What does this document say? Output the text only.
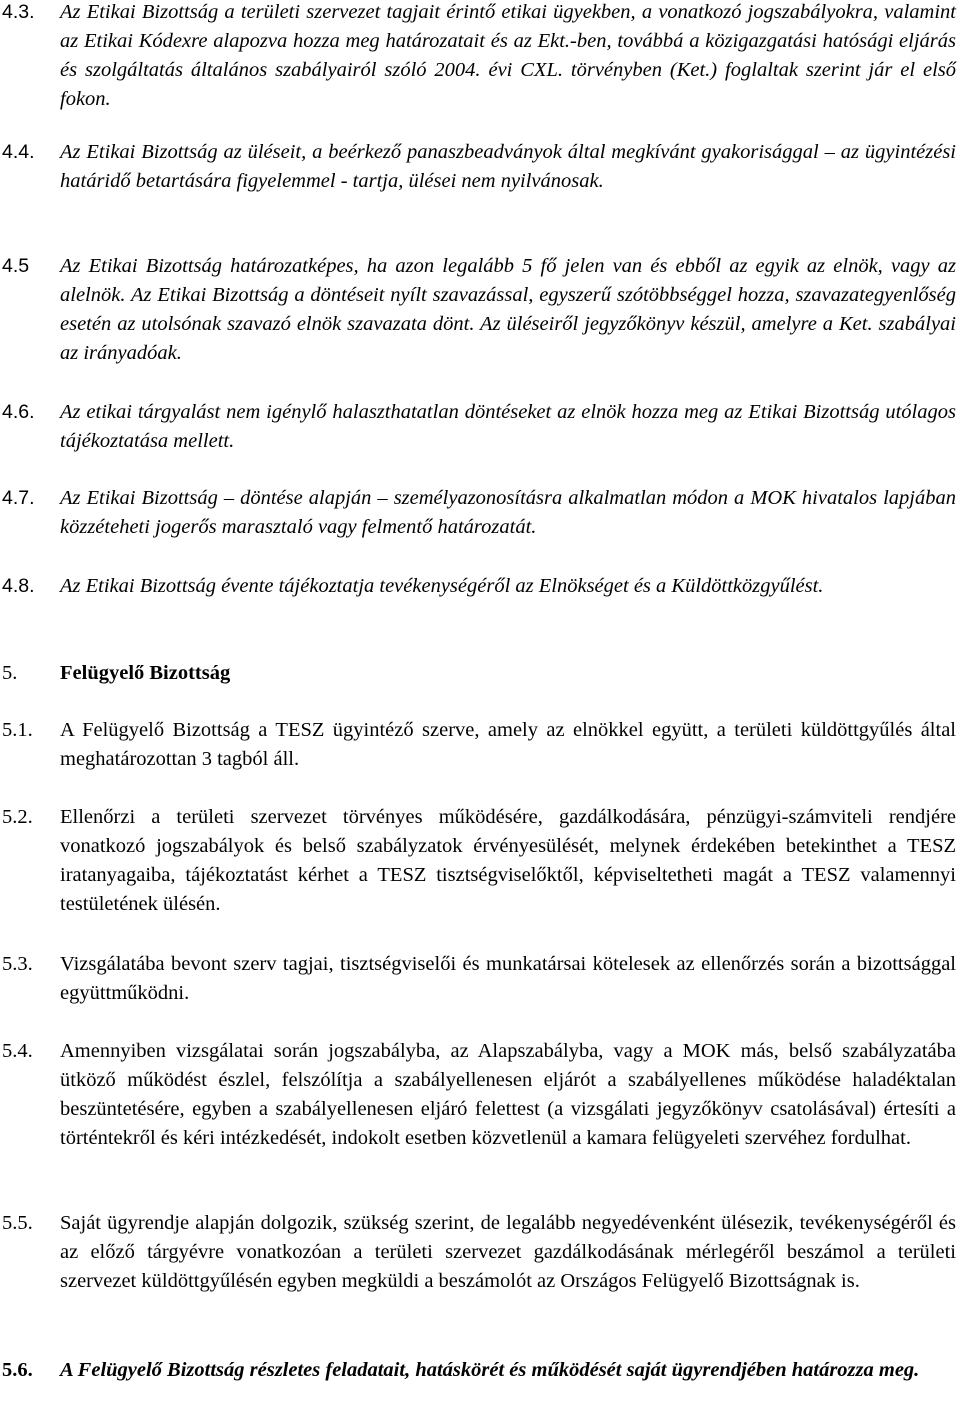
4.3.	Az Etikai Bizottság a területi szervezet tagjait érintő etikai ügyekben, a vonatkozó jogszabályokra, valamint az Etikai Kódexre alapozva hozza meg határozatait és az Ekt.-ben, továbbá a közigazgatási hatósági eljárás és szolgáltatás általános szabályairól szóló 2004. évi CXL. törvényben (Ket.) foglaltak szerint jár el első fokon.
4.4.	Az Etikai Bizottság az üléseit, a beérkező panaszbeadványok által megkívánt gyakorisággal – az ügyintézési határidő betartására figyelemmel - tartja, ülései nem nyilvánosak.
4.5	Az Etikai Bizottság határozatképes, ha azon legalább 5 fő jelen van és ebből az egyik az elnök, vagy az alelnök. Az Etikai Bizottság a döntéseit nyílt szavazással, egyszerű szótöbbséggel hozza, szavazategyenlőség esetén az utolsónak szavazó elnök szavazata dönt. Az üléseiről jegyzőkönyv készül, amelyre a Ket. szabályai az irányadóak.
4.6.	Az etikai tárgyalást nem igénylő halaszthatatlan döntéseket az elnök hozza meg az Etikai Bizottság utólagos tájékoztatása mellett.
4.7.	Az Etikai Bizottság – döntése alapján – személyazonosításra alkalmatlan módon a MOK hivatalos lapjában közzéteheti jogerős marasztaló vagy felmentő határozatát.
4.8.	Az Etikai Bizottság évente tájékoztatja tevékenységéről az Elnökséget és a Küldöttközgyűlést.
5.	Felügyelő Bizottság
5.1.	A Felügyelő Bizottság a TESZ ügyintéző szerve, amely az elnökkel együtt, a területi küldöttgyűlés által meghatározottan 3 tagból áll.
5.2.	Ellenőrzi a területi szervezet törvényes működésére, gazdálkodására, pénzügyi-számviteli rendjére vonatkozó jogszabályok és belső szabályzatok érvényesülését, melynek érdekében betekinthet a TESZ iratanyagaiba, tájékoztatást kérhet a TESZ tisztségviselőktől, képviseltetheti magát a TESZ valamennyi testületének ülésén.
5.3.	Vizsgálatába bevont szerv tagjai, tisztségviselői és munkatársai kötelesek az ellenőrzés során a bizottsággal együttműködni.
5.4.	Amennyiben vizsgálatai során jogszabályba, az Alapszabályba, vagy a MOK más, belső szabályzatába ütköző működést észlel, felszólítja a szabályellenesen eljárót a szabályellenes működése haladéktalan beszüntetésére, egyben a szabályellenesen eljáró felettest (a vizsgálati jegyzőkönyv csatolásával) értesíti a történtekről és kéri intézkedését, indokolt esetben közvetlenül a kamara felügyeleti szervéhez fordulhat.
5.5.	Saját ügyrendje alapján dolgozik, szükség szerint, de legalább negyedévenként ülésezik, tevékenységéről és az előző tárgyévre vonatkozóan a területi szervezet gazdálkodásának mérlegéről beszámol a területi szervezet küldöttgyűlésén egyben megküldi a beszámolót az Országos Felügyelő Bizottságnak is.
5.6.	A Felügyelő Bizottság részletes feladatait, hatáskörét és működését saját ügyrendjében határozza meg.
